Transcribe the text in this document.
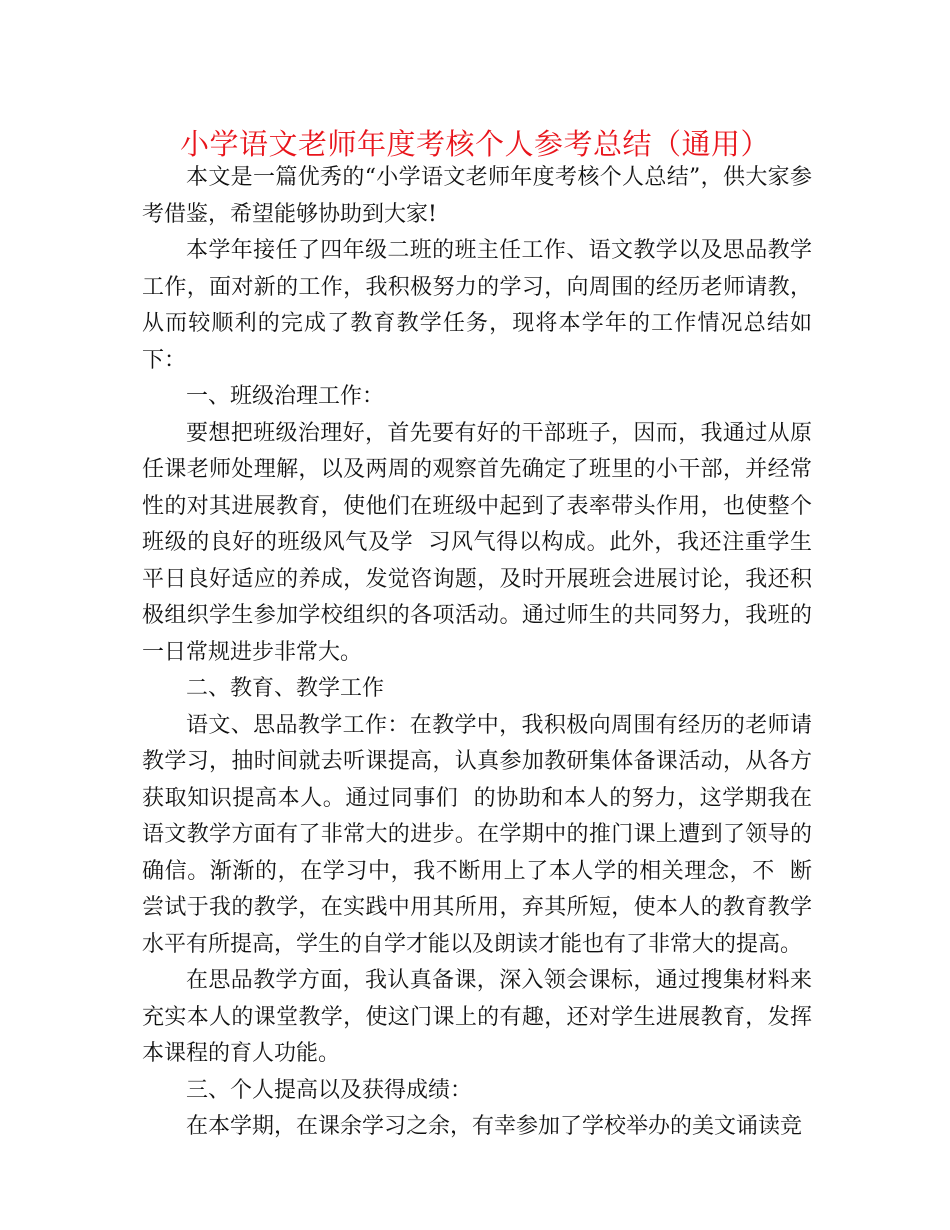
小学语文老师年度考核个人参考总结（通用）

本文是一篇优秀的“小学语文老师年度考核个人总结”，供大家参考借鉴，希望能够协助到大家!

本学年接任了四年级二班的班主任工作、语文教学以及思品教学工作，面对新的工作，我积极努力的学习，向周围的经历老师请教，从而较顺利的完成了教育教学任务，现将本学年的工作情况总结如  下：

一、班级治理工作：

要想把班级治理好，首先要有好的干部班子，因而，我通过从原任课老师处理解，以及两周的观察首先确定了班里的小干部，并经常性的对其进展教育，使他们在班级中起到了表率带头作用，也使整个班级的良好的班级风气及学  习风气得以构成。此外，我还注重学生平日良好适应的养成，发觉咨询题，及时开展班会进展讨论，我还积极组织学生参加学校组织的各项活动。通过师生的共同努力，我班的一日常规进步非常大。

二、教育、教学工作

语文、思品教学工作：在教学中，我积极向周围有经历的老师请教学习，抽时间就去听课提高，认真参加教研集体备课活动，从各方获取知识提高本人。通过同事们  的协助和本人的努力，这学期我在语文教学方面有了非常大的进步。在学期中的推门课上遭到了领导的确信。渐渐的，在学习中，我不断用上了本人学的相关理念，不  断尝试于我的教学，在实践中用其所用，弃其所短，使本人的教育教学水平有所提高，学生的自学才能以及朗读才能也有了非常大的提高。

在思品教学方面，我认真备课，深入领会课标，通过搜集材料来充实本人的课堂教学，使这门课上的有趣，还对学生进展教育，发挥本课程的育人功能。

三、个人提高以及获得成绩：

在本学期，在课余学习之余，有幸参加了学校举办的美文诵读竞
